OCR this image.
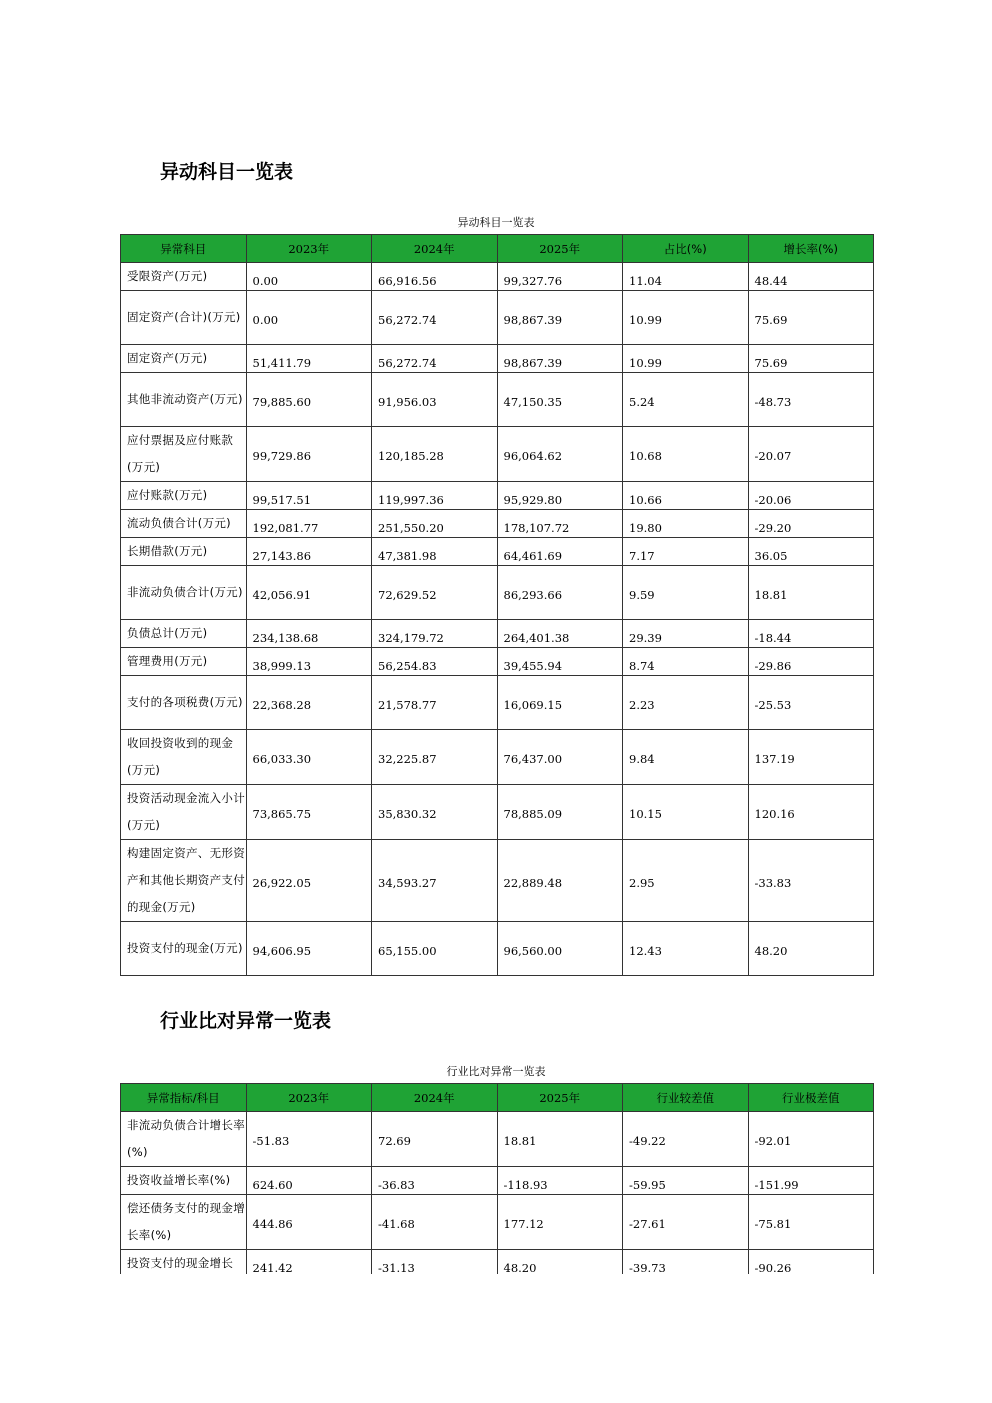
异动科目一览表
异动科目一览表
异常科目	2023年	2024年	2025年	占比(%)	增长率(%)
受限资产(万元)	0.00	66,916.56	99,327.76	11.04	48.44
固定资产(合计)(万元)	0.00	56,272.74	98,867.39	10.99	75.69
固定资产(万元)	51,411.79	56,272.74	98,867.39	10.99	75.69
其他非流动资产(万元)	79,885.60	91,956.03	47,150.35	5.24	-48.73
应付票据及应付账款(万元)	99,729.86	120,185.28	96,064.62	10.68	-20.07
应付账款(万元)	99,517.51	119,997.36	95,929.80	10.66	-20.06
流动负债合计(万元)	192,081.77	251,550.20	178,107.72	19.80	-29.20
长期借款(万元)	27,143.86	47,381.98	64,461.69	7.17	36.05
非流动负债合计(万元)	42,056.91	72,629.52	86,293.66	9.59	18.81
负债总计(万元)	234,138.68	324,179.72	264,401.38	29.39	-18.44
管理费用(万元)	38,999.13	56,254.83	39,455.94	8.74	-29.86
支付的各项税费(万元)	22,368.28	21,578.77	16,069.15	2.23	-25.53
收回投资收到的现金(万元)	66,033.30	32,225.87	76,437.00	9.84	137.19
投资活动现金流入小计(万元)	73,865.75	35,830.32	78,885.09	10.15	120.16
构建固定资产、无形资产和其他长期资产支付的现金(万元)	26,922.05	34,593.27	22,889.48	2.95	-33.83
投资支付的现金(万元)	94,606.95	65,155.00	96,560.00	12.43	48.20
行业比对异常一览表
行业比对异常一览表
异常指标/科目	2023年	2024年	2025年	行业较差值	行业极差值
非流动负债合计增长率(%)	-51.83	72.69	18.81	-49.22	-92.01
投资收益增长率(%)	624.60	-36.83	-118.93	-59.95	-151.99
偿还债务支付的现金增长率(%)	444.86	-41.68	177.12	-27.61	-75.81
投资支付的现金增长	241.42	-31.13	48.20	-39.73	-90.26
